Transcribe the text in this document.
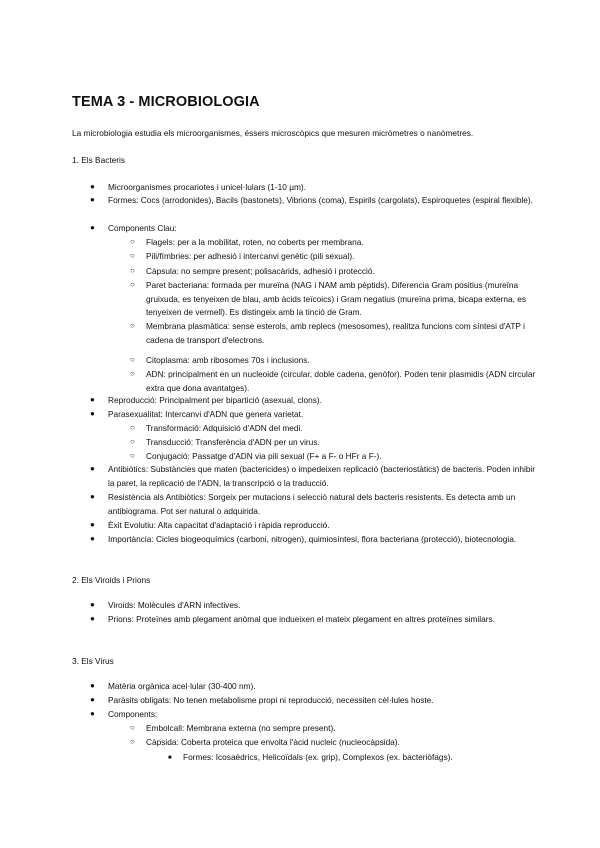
TEMA 3 - MICROBIOLOGIA

La microbiologia estudia els microorganismes, éssers microscòpics que mesuren micròmetres o nanòmetres.

1. Els Bacteris
2. Els Viroids i Prions
3. Els Virus
● Microorganismes procariotes i unicel·lulars (1-10 µm).
● Formes: Cocs (arrodonides), Bacils (bastonets), Vibrions (coma), Espirils (cargolats), Espiroquetes (espiral flexible).
● Components Clau:
○ Flagels: per a la mobilitat, roten, no coberts per membrana.
○ Pili/fímbries: per adhesió i intercanvi genètic (pili sexual).
○ Càpsula: no sempre present; polisacàrids, adhesió i protecció.
○ Paret bacteriana: formada per mureïna (NAG i NAM amb pèptids). Diferencia Gram positius (mureïna gruixuda, es tenyeixen de blau, amb àcids teïcoics) i Gram negatius (mureïna prima, bicapa externa, es tenyeixen de vermell). Es distingeix amb la tinció de Gram.
○ Membrana plasmàtica: sense esterols, amb replecs (mesosomes), realitza funcions com síntesi d'ATP i cadena de transport d'electrons.
○ Citoplasma: amb ribosomes 70s i inclusions.
○ ADN: principalment en un nucleoide (circular, doble cadena, genòfor). Poden tenir plasmidis (ADN circular extra que dona avantatges).
● Reproducció: Principalment per bipartició (asexual, clons).
● Parasexualitat: Intercanvi d'ADN que genera varietat.
○ Transformació: Adquisició d'ADN del medi.
○ Transducció: Transferència d'ADN per un virus.
○ Conjugació: Passatge d'ADN via pili sexual (F+ a F- o HFr a F-).
● Antibiòtics: Substàncies que maten (bactericides) o impedeixen replicació (bacteriostàtics) de bacteris. Poden inhibir la paret, la replicació de l'ADN, la transcripció o la traducció.
● Resistència als Antibiòtics: Sorgeix per mutacions i selecció natural dels bacteris resistents. Es detecta amb un antibiograma. Pot ser natural o adquirida.
● Èxit Evolutiu: Alta capacitat d'adaptació i ràpida reproducció.
● Importància: Cicles biogeoquímics (carboni, nitrogen), quimiosíntesi, flora bacteriana (protecció), biotecnologia.
● Viroids: Molècules d'ARN infectives.
● Prions: Proteïnes amb plegament anòmal que indueixen el mateix plegament en altres proteïnes similars.
● Matèria orgànica acel·lular (30-400 nm).
● Paràsits obligats: No tenen metabolisme propi ni reproducció, necessiten cèl·lules hoste.
● Components:
○ Embolcall: Membrana externa (no sempre present).
○ Càpsida: Coberta proteica que envolta l'àcid nucleic (nucleocàpsida).
■ Formes: Icosaèdrics, Helicoïdals (ex. grip), Complexos (ex. bacteriòfags).
